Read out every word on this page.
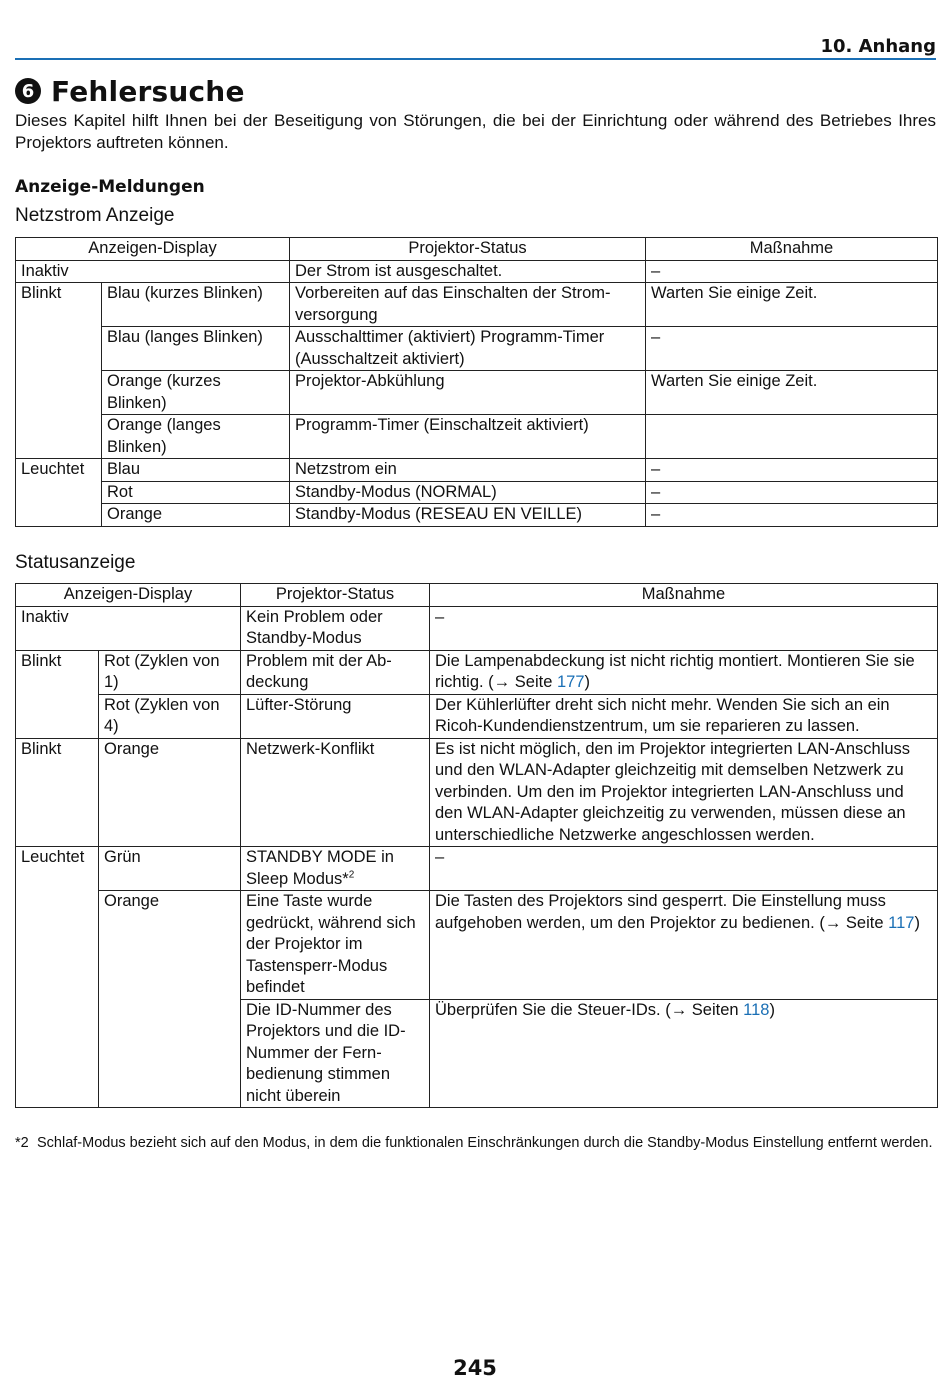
10. Anhang
6 Fehlersuche
Dieses Kapitel hilft Ihnen bei der Beseitigung von Störungen, die bei der Einrichtung oder während des Betriebes Ihres Projektors auftreten können.
Anzeige-Meldungen
Netzstrom Anzeige
Anzeigen-Display		Projektor-Status	Maßnahme
Inaktiv		Der Strom ist ausgeschaltet.	–
Blinkt	Blau (kurzes Blinken)	Vorbereiten auf das Einschalten der Strom-versorgung	Warten Sie einige Zeit.
	Blau (langes Blinken)	Ausschalttimer (aktiviert) Programm-Timer (Ausschaltzeit aktiviert)	–
	Orange (kurzes Blinken)	Projektor-Abkühlung	Warten Sie einige Zeit.
	Orange (langes Blinken)	Programm-Timer (Einschaltzeit aktiviert)	
Leuchtet	Blau	Netzstrom ein	–
	Rot	Standby-Modus (NORMAL)	–
	Orange	Standby-Modus (RESEAU EN VEILLE)	–
Statusanzeige
Anzeigen-Display		Projektor-Status	Maßnahme
Inaktiv		Kein Problem oder Standby-Modus	–
Blinkt	Rot (Zyklen von 1)	Problem mit der Ab-deckung	Die Lampenabdeckung ist nicht richtig montiert. Montieren Sie sie richtig. (→ Seite 177)
	Rot (Zyklen von 4)	Lüfter-Störung	Der Kühlerlüfter dreht sich nicht mehr. Wenden Sie sich an ein Ricoh-Kundendienstzentrum, um sie reparieren zu lassen.
Blinkt	Orange	Netzwerk-Konflikt	Es ist nicht möglich, den im Projektor integrierten LAN-Anschluss und den WLAN-Adapter gleichzeitig mit demselben Netzwerk zu verbinden. Um den im Projektor integrierten LAN-Anschluss und den WLAN-Adapter gleichzeitig zu verwenden, müssen diese an unterschiedliche Netzwerke angeschlossen werden.
Leuchtet	Grün	STANDBY MODE in Sleep Modus*$^2$	–
	Orange	Eine Taste wurde gedrückt, während sich der Projektor im Tastensperr-Modus befindet	Die Tasten des Projektors sind gesperrt. Die Einstellung muss aufgehoben werden, um den Projektor zu bedienen. (→ Seite 117)
		Die ID-Nummer des Projektors und die ID-Nummer der Fern-bedienung stimmen nicht überein	Überprüfen Sie die Steuer-IDs. (→ Seiten 118)
*2 Schlaf-Modus bezieht sich auf den Modus, in dem die funktionalen Einschränkungen durch die Standby-Modus Einstellung entfernt werden.
245
